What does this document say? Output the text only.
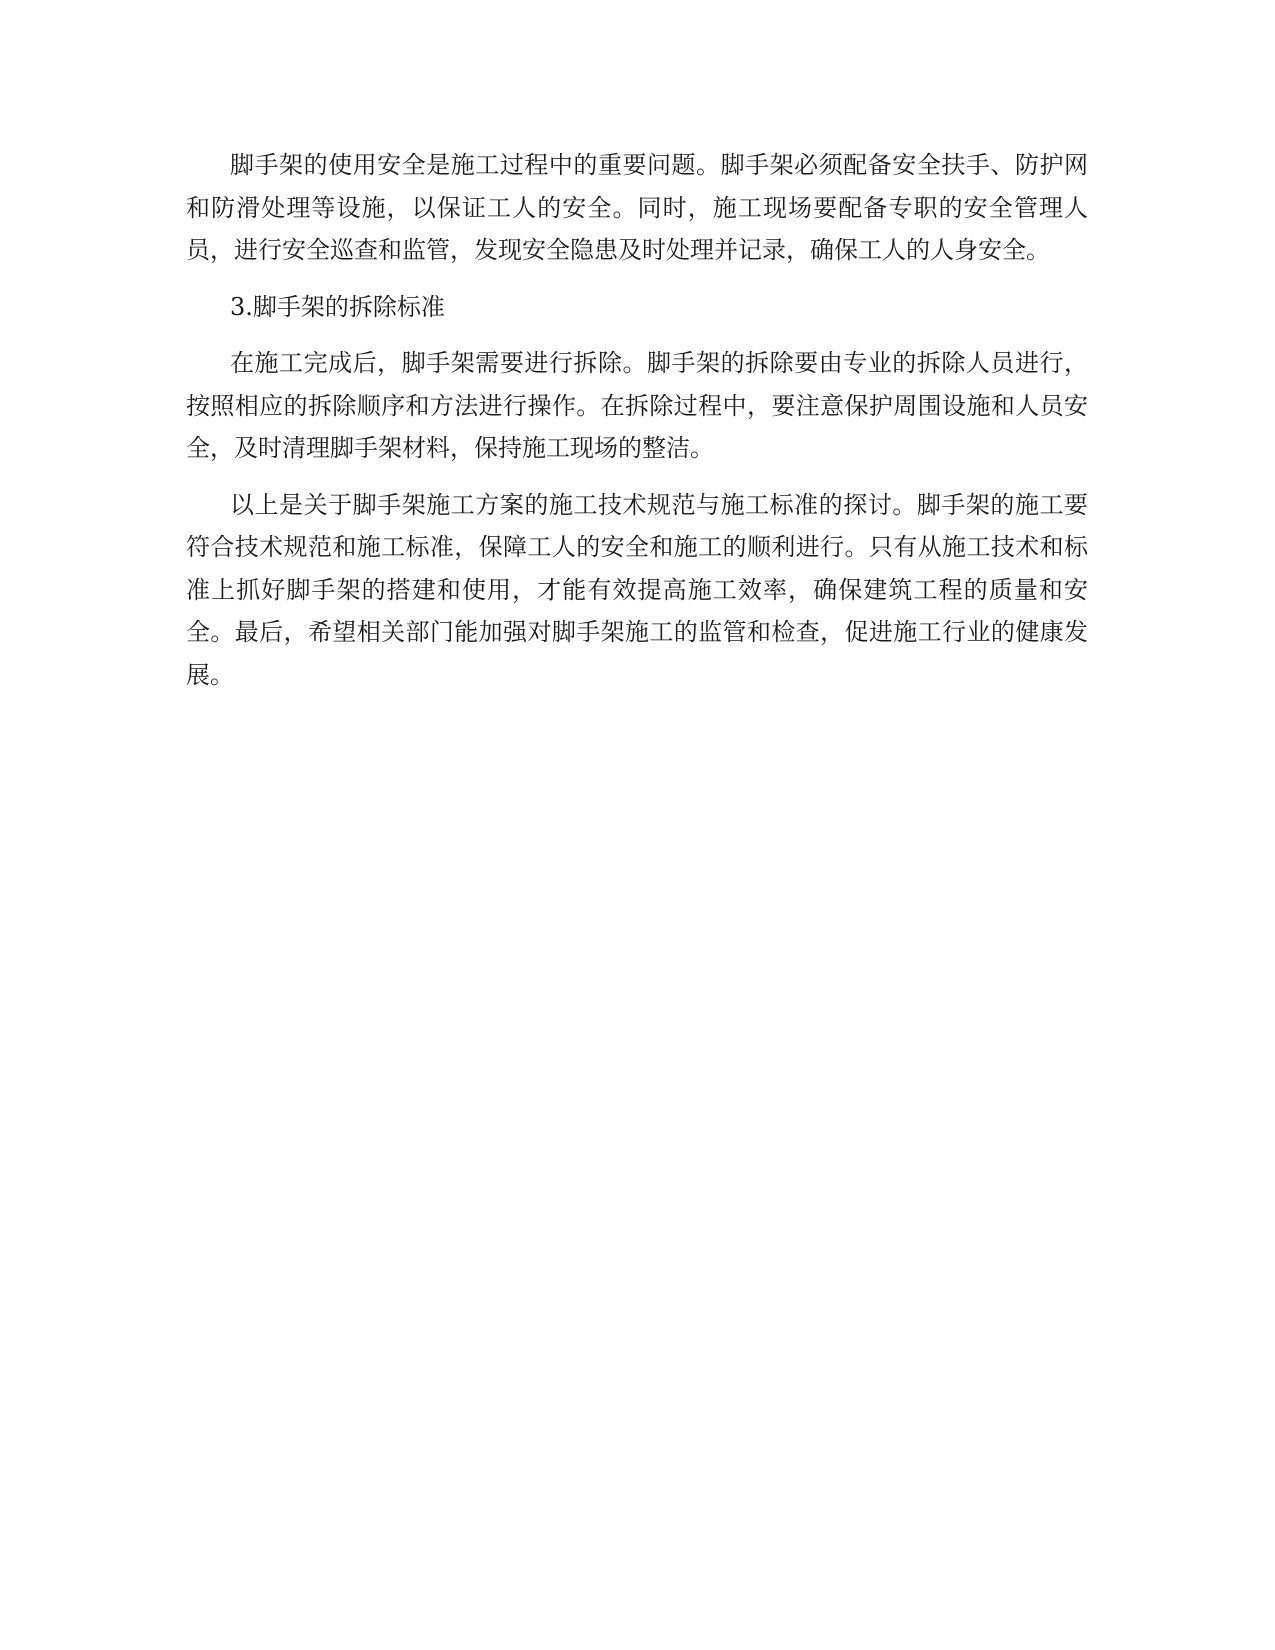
脚手架的使用安全是施工过程中的重要问题。脚手架必须配备安全扶手、防护网和防滑处理等设施，以保证工人的安全。同时，施工现场要配备专职的安全管理人员，进行安全巡查和监管，发现安全隐患及时处理并记录，确保工人的人身安全。

3.脚手架的拆除标准

在施工完成后，脚手架需要进行拆除。脚手架的拆除要由专业的拆除人员进行，按照相应的拆除顺序和方法进行操作。在拆除过程中，要注意保护周围设施和人员安全，及时清理脚手架材料，保持施工现场的整洁。

以上是关于脚手架施工方案的施工技术规范与施工标准的探讨。脚手架的施工要符合技术规范和施工标准，保障工人的安全和施工的顺利进行。只有从施工技术和标准上抓好脚手架的搭建和使用，才能有效提高施工效率，确保建筑工程的质量和安全。最后，希望相关部门能加强对脚手架施工的监管和检查，促进施工行业的健康发展。
